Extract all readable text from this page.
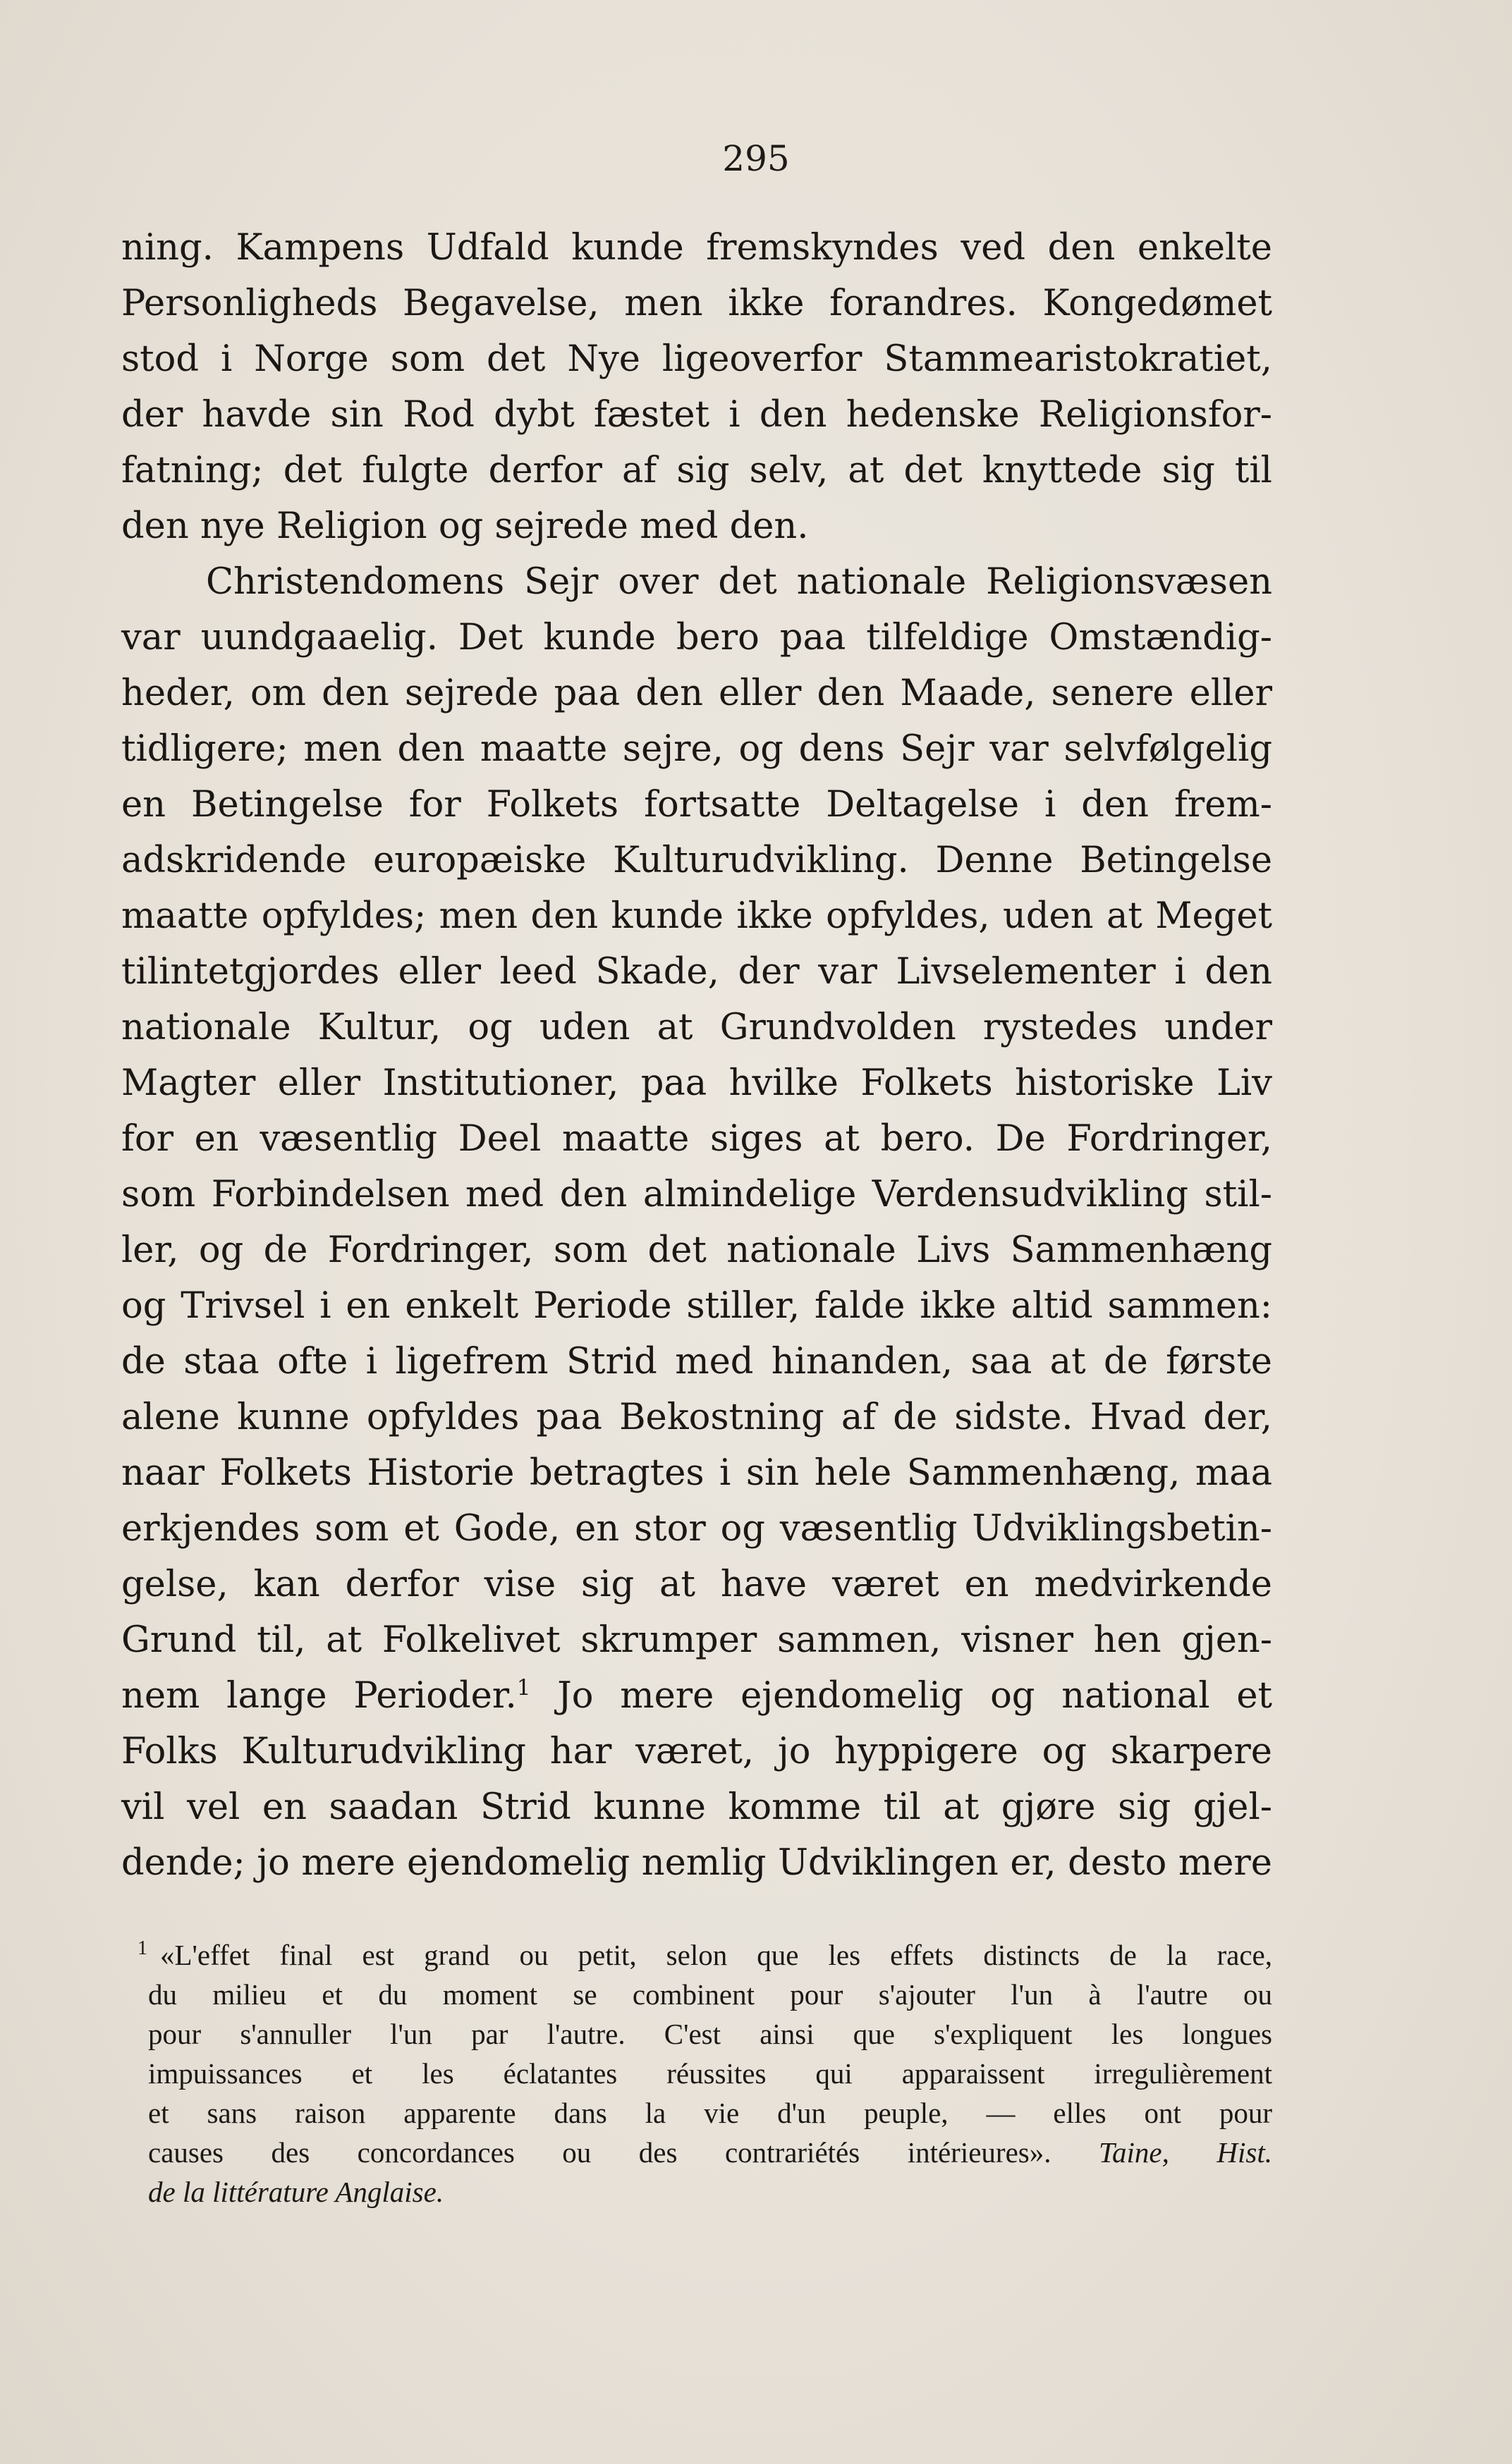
295
ning. Kampens Udfald kunde fremskyndes ved den enkelte
Personligheds Begavelse, men ikke forandres. Kongedømet
stod i Norge som det Nye ligeoverfor Stammearistokratiet,
der havde sin Rod dybt fæstet i den hedenske Religionsfor-
fatning; det fulgte derfor af sig selv, at det knyttede sig til
den nye Religion og sejrede med den.
Christendomens Sejr over det nationale Religionsvæsen
var uundgaaelig. Det kunde bero paa tilfeldige Omstændig-
heder, om den sejrede paa den eller den Maade, senere eller
tidligere; men den maatte sejre, og dens Sejr var selvfølgelig
en Betingelse for Folkets fortsatte Deltagelse i den frem-
adskridende europæiske Kulturudvikling. Denne Betingelse
maatte opfyldes; men den kunde ikke opfyldes, uden at Meget
tilintetgjordes eller leed Skade, der var Livselementer i den
nationale Kultur, og uden at Grundvolden rystedes under
Magter eller Institutioner, paa hvilke Folkets historiske Liv
for en væsentlig Deel maatte siges at bero. De Fordringer,
som Forbindelsen med den almindelige Verdensudvikling stil-
ler, og de Fordringer, som det nationale Livs Sammenhæng
og Trivsel i en enkelt Periode stiller, falde ikke altid sammen:
de staa ofte i ligefrem Strid med hinanden, saa at de første
alene kunne opfyldes paa Bekostning af de sidste. Hvad der,
naar Folkets Historie betragtes i sin hele Sammenhæng, maa
erkjendes som et Gode, en stor og væsentlig Udviklingsbetin-
gelse, kan derfor vise sig at have været en medvirkende
Grund til, at Folkelivet skrumper sammen, visner hen gjen-
nem lange Perioder.$^1$ Jo mere ejendomelig og national et
Folks Kulturudvikling har været, jo hyppigere og skarpere
vil vel en saadan Strid kunne komme til at gjøre sig gjel-
dende; jo mere ejendomelig nemlig Udviklingen er, desto mere
$^1$ «L'effet final est grand ou petit, selon que les effets distincts de la race,
du milieu et du moment se combinent pour s'ajouter l'un à l'autre ou
pour s'annuller l'un par l'autre. C'est ainsi que s'expliquent les longues
impuissances et les éclatantes réussites qui apparaissent irregulièrement
et sans raison apparente dans la vie d'un peuple, — elles ont pour
causes des concordances ou des contrariétés intérieures». Taine, Hist.
de la littérature Anglaise.
